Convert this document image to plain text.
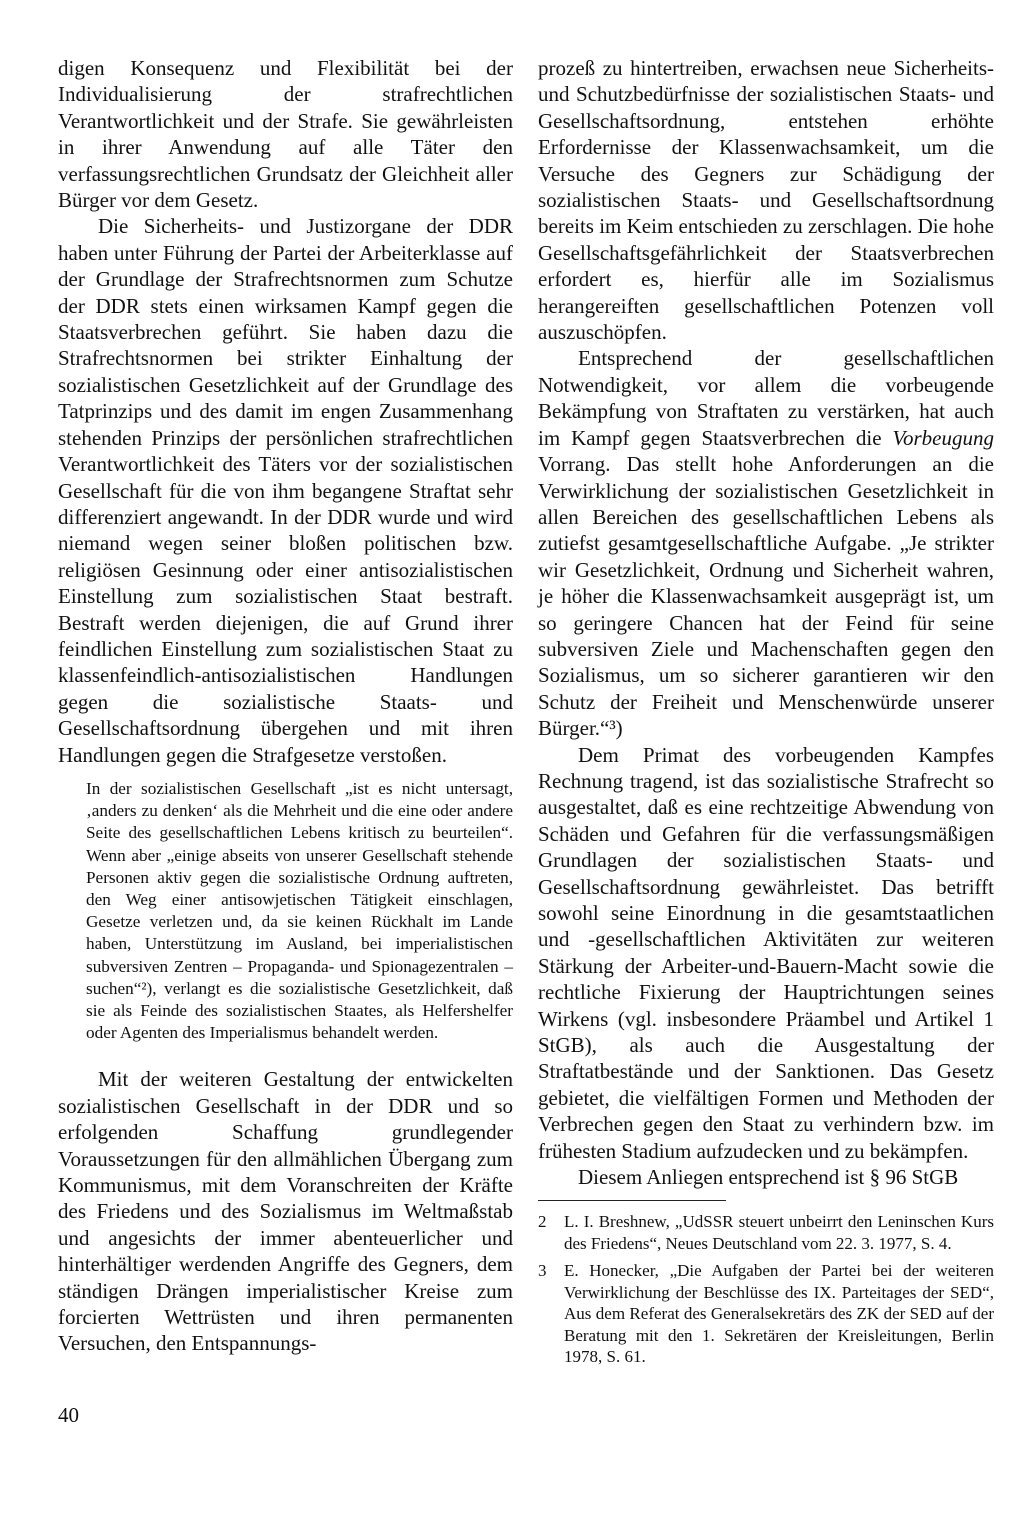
digen Konsequenz und Flexibilität bei der Individualisierung der strafrechtlichen Verantwortlichkeit und der Strafe. Sie gewährleisten in ihrer Anwendung auf alle Täter den verfassungsrechtlichen Grundsatz der Gleichheit aller Bürger vor dem Gesetz.

Die Sicherheits- und Justizorgane der DDR haben unter Führung der Partei der Arbeiterklasse auf der Grundlage der Strafrechtsnormen zum Schutze der DDR stets einen wirksamen Kampf gegen die Staatsverbrechen geführt. Sie haben dazu die Strafrechtsnormen bei strikter Einhaltung der sozialistischen Gesetzlichkeit auf der Grundlage des Tatprinzips und des damit im engen Zusammenhang stehenden Prinzips der persönlichen strafrechtlichen Verantwortlichkeit des Täters vor der sozialistischen Gesellschaft für die von ihm begangene Straftat sehr differenziert angewandt. In der DDR wurde und wird niemand wegen seiner bloßen politischen bzw. religiösen Gesinnung oder einer antisozialistischen Einstellung zum sozialistischen Staat bestraft. Bestraft werden diejenigen, die auf Grund ihrer feindlichen Einstellung zum sozialistischen Staat zu klassenfeindlich-antisozialistischen Handlungen gegen die sozialistische Staats- und Gesellschaftsordnung übergehen und mit ihren Handlungen gegen die Strafgesetze verstoßen.

In der sozialistischen Gesellschaft „ist es nicht untersagt, ‚anders zu denken‘ als die Mehrheit und die eine oder andere Seite des gesellschaftlichen Lebens kritisch zu beurteilen“. Wenn aber „einige abseits von unserer Gesellschaft stehende Personen aktiv gegen die sozialistische Ordnung auftreten, den Weg einer antisowjetischen Tätigkeit einschlagen, Gesetze verletzen und, da sie keinen Rückhalt im Lande haben, Unterstützung im Ausland, bei imperialistischen subversiven Zentren – Propaganda- und Spionagezentralen – suchen“²), verlangt es die sozialistische Gesetzlichkeit, daß sie als Feinde des sozialistischen Staates, als Helfershelfer oder Agenten des Imperialismus behandelt werden.

Mit der weiteren Gestaltung der entwickelten sozialistischen Gesellschaft in der DDR und so erfolgenden Schaffung grundlegender Voraussetzungen für den allmählichen Übergang zum Kommunismus, mit dem Voranschreiten der Kräfte des Friedens und des Sozialismus im Weltmaßstab und angesichts der immer abenteuerlicher und hinterhältiger werdenden Angriffe des Gegners, dem ständigen Drängen imperialistischer Kreise zum forcierten Wettrüsten und ihren permanenten Versuchen, den Entspannungs-

prozeß zu hintertreiben, erwachsen neue Sicherheits- und Schutzbedürfnisse der sozialistischen Staats- und Gesellschaftsordnung, entstehen erhöhte Erfordernisse der Klassenwachsamkeit, um die Versuche des Gegners zur Schädigung der sozialistischen Staats- und Gesellschaftsordnung bereits im Keim entschieden zu zerschlagen. Die hohe Gesellschaftsgefährlichkeit der Staatsverbrechen erfordert es, hierfür alle im Sozialismus herangereiften gesellschaftlichen Potenzen voll auszuschöpfen.

Entsprechend der gesellschaftlichen Notwendigkeit, vor allem die vorbeugende Bekämpfung von Straftaten zu verstärken, hat auch im Kampf gegen Staatsverbrechen die Vorbeugung Vorrang. Das stellt hohe Anforderungen an die Verwirklichung der sozialistischen Gesetzlichkeit in allen Bereichen des gesellschaftlichen Lebens als zutiefst gesamtgesellschaftliche Aufgabe. „Je strikter wir Gesetzlichkeit, Ordnung und Sicherheit wahren, je höher die Klassenwachsamkeit ausgeprägt ist, um so geringere Chancen hat der Feind für seine subversiven Ziele und Machenschaften gegen den Sozialismus, um so sicherer garantieren wir den Schutz der Freiheit und Menschenwürde unserer Bürger.“³)

Dem Primat des vorbeugenden Kampfes Rechnung tragend, ist das sozialistische Strafrecht so ausgestaltet, daß es eine rechtzeitige Abwendung von Schäden und Gefahren für die verfassungsmäßigen Grundlagen der sozialistischen Staats- und Gesellschaftsordnung gewährleistet. Das betrifft sowohl seine Einordnung in die gesamtstaatlichen und -gesellschaftlichen Aktivitäten zur weiteren Stärkung der Arbeiter-und-Bauern-Macht sowie die rechtliche Fixierung der Hauptrichtungen seines Wirkens (vgl. insbesondere Präambel und Artikel 1 StGB), als auch die Ausgestaltung der Straftatbestände und der Sanktionen. Das Gesetz gebietet, die vielfältigen Formen und Methoden der Verbrechen gegen den Staat zu verhindern bzw. im frühesten Stadium aufzudecken und zu bekämpfen.

Diesem Anliegen entsprechend ist § 96 StGB

2	L. I. Breshnew, „UdSSR steuert unbeirrt den Leninschen Kurs des Friedens“, Neues Deutschland vom 22. 3. 1977, S. 4.
3	E. Honecker, „Die Aufgaben der Partei bei der weiteren Verwirklichung der Beschlüsse des IX. Parteitages der SED“, Aus dem Referat des Generalsekretärs des ZK der SED auf der Beratung mit den 1. Sekretären der Kreisleitungen, Berlin 1978, S. 61.
40
